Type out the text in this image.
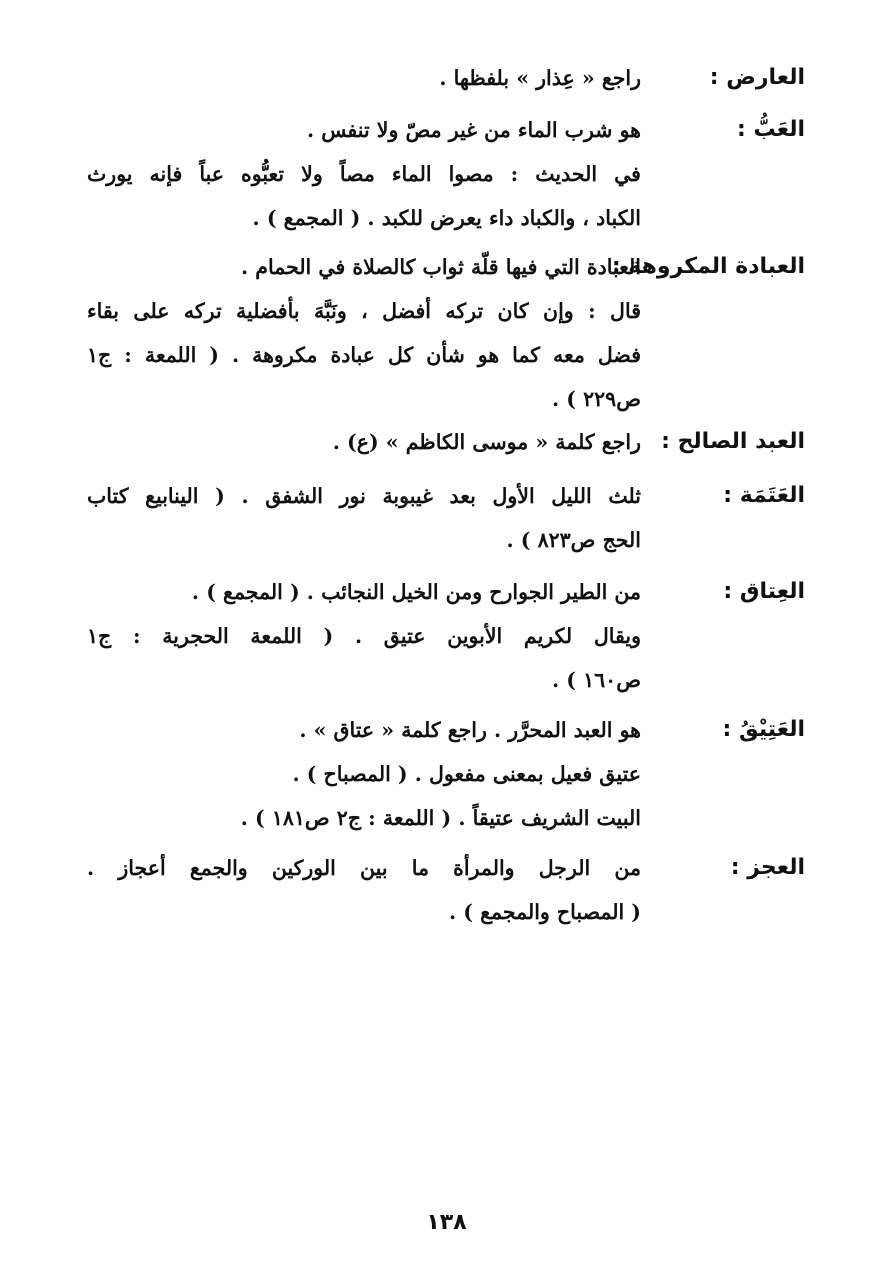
العارض :
راجع « عِذار » بلفظها .
العَبُّ :
هو شرب الماء من غير مصّ ولا تنفس .
في الحديث : مصوا الماء مصاً ولا تعبُّوه عباً فإنه يورث
الكباد ، والكباد داء يعرض للكبد . ( المجمع ) .
العبادة المكروهة :
العبادة التي فيها قلّة ثواب كالصلاة في الحمام .
قال : وإن كان تركه أفضل ، ونَبَّهَ بأفضلية تركه على بقاء
فضل معه كما هو شأن كل عبادة مكروهة . ( اللمعة : ج١
ص٢٢٩ ) .
العبد الصالح :
راجع كلمة « موسى الكاظم » (ع) .
العَتَمَة :
ثلث الليل الأول بعد غيبوبة نور الشفق . ( الينابيع كتاب
الحج ص٨٢٣ ) .
العِتاق :
من الطير الجوارح ومن الخيل النجائب . ( المجمع ) .
ويقال لكريم الأبوين عتيق . ( اللمعة الحجرية : ج١
ص١٦٠ ) .
العَتِيْقُ :
هو العبد المحرَّر . راجع كلمة « عتاق » .
عتيق فعيل بمعنى مفعول . ( المصباح ) .
البيت الشريف عتيقاً . ( اللمعة : ج٢ ص١٨١ ) .
العجز :
من الرجل والمرأة ما بين الوركين والجمع أعجاز .
( المصباح والمجمع ) .
١٣٨
